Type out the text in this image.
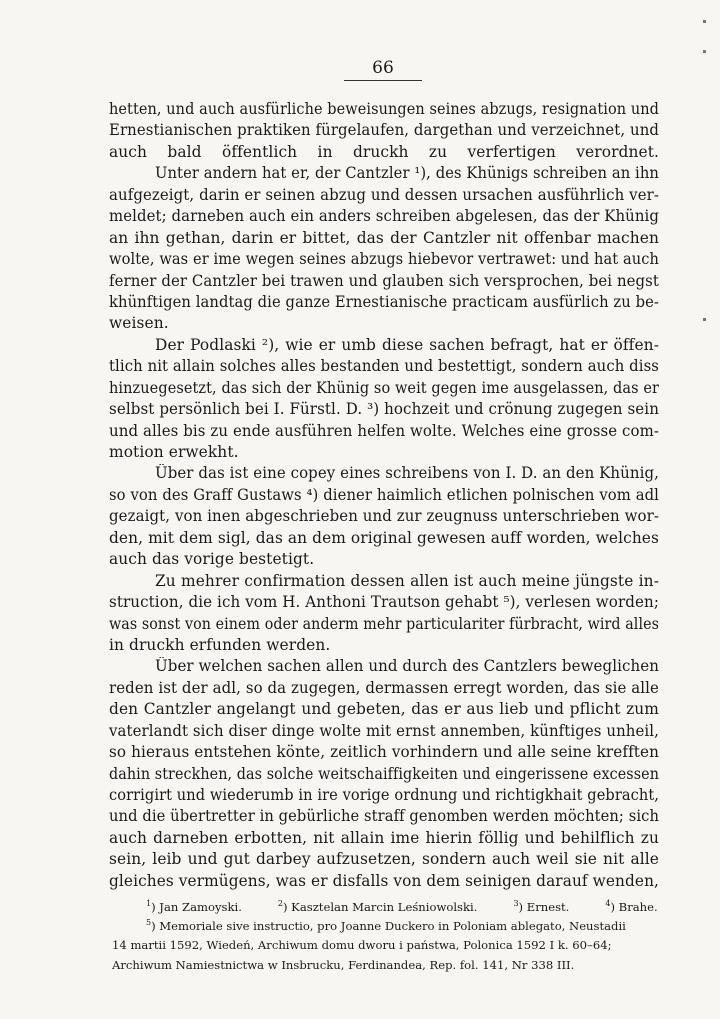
66
hetten, und auch ausfürliche beweisungen seines abzugs, resignation und
Ernestianischen praktiken fürgelaufen, dargethan und verzeichnet, und
auch bald öffentlich in druckh zu verfertigen verordnet.
Unter andern hat er, der Cantzler ¹), des Khünigs schreiben an ihn
aufgezeigt, darin er seinen abzug und dessen ursachen ausführlich ver-
meldet; darneben auch ein anders schreiben abgelesen, das der Khünig
an ihn gethan, darin er bittet, das der Cantzler nit offenbar machen
wolte, was er ime wegen seines abzugs hiebevor vertrawet: und hat auch
ferner der Cantzler bei trawen und glauben sich versprochen, bei negst
khünftigen landtag die ganze Ernestianische practicam ausfürlich zu be-
weisen.
Der Podlaski ²), wie er umb diese sachen befragt, hat er öffen-
tlich nit allain solches alles bestanden und bestettigt, sondern auch diss
hinzuegesetzt, das sich der Khünig so weit gegen ime ausgelassen, das er
selbst persönlich bei I. Fürstl. D. ³) hochzeit und crönung zugegen sein
und alles bis zu ende ausführen helfen wolte. Welches eine grosse com-
motion erwekht.
Über das ist eine copey eines schreibens von I. D. an den Khünig,
so von des Graff Gustaws ⁴) diener haimlich etlichen polnischen vom adl
gezaigt, von inen abgeschrieben und zur zeugnuss unterschrieben wor-
den, mit dem sigl, das an dem original gewesen auff worden, welches
auch das vorige bestetigt.
Zu mehrer confirmation dessen allen ist auch meine jüngste in-
struction, die ich vom H. Anthoni Trautson gehabt ⁵), verlesen worden;
was sonst von einem oder anderm mehr particulariter fürbracht, wird alles
in druckh erfunden werden.
Über welchen sachen allen und durch des Cantzlers beweglichen
reden ist der adl, so da zugegen, dermassen erregt worden, das sie alle
den Cantzler angelangt und gebeten, das er aus lieb und pflicht zum
vaterlandt sich diser dinge wolte mit ernst annemben, künftiges unheil,
so hieraus entstehen könte, zeitlich vorhindern und alle seine krefften
dahin streckhen, das solche weitschaiffigkeiten und eingerissene excessen
corrigirt und wiederumb in ire vorige ordnung und richtigkhait gebracht,
und die übertretter in gebürliche straff genomben werden möchten; sich
auch darneben erbotten, nit allain ime hierin föllig und behilflich zu
sein, leib und gut darbey aufzusetzen, sondern auch weil sie nit alle
gleiches vermügens, was er disfalls von dem seinigen darauf wenden,
$^1$) Jan Zamoyski.	$^2$) Kasztelan Marcin Leśniowolski.	$^3$) Ernest.	$^4$) Brahe.
$^5$) Memoriale sive instructio, pro Joanne Duckero in Poloniam ablegato, Neustadii
14 martii 1592, Wiedeń, Archiwum domu dworu i państwa, Polonica 1592 I k. 60–64;
Archiwum Namiestnictwa w Insbrucku, Ferdinandea, Rep. fol. 141, Nr 338 III.
